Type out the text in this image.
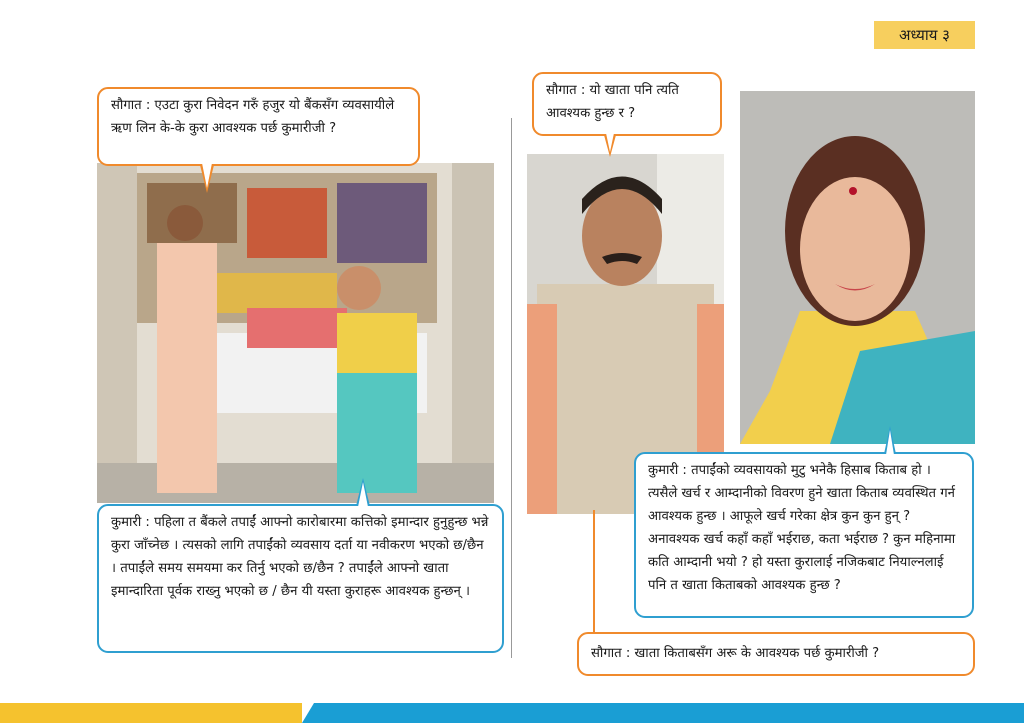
अध्याय ३
सौगात : एउटा कुरा निवेदन गरुँ हजुर यो बैंकसँग व्यवसायीले ऋण लिन के-के कुरा आवश्यक पर्छ कुमारीजी ?
कुमारी : पहिला त बैंकले तपाईं आफ्नो कारोबारमा कत्तिको इमान्दार हुनुहुन्छ भन्ने कुरा जाँच्नेछ । त्यसको लागि तपाईंको व्यवसाय दर्ता या नवीकरण भएको छ/छैन । तपाईंले समय समयमा कर तिर्नु भएको छ/छैन ? तपाईंले आफ्नो खाता इमान्दारिता पूर्वक राख्नु भएको छ / छैन यी यस्ता कुराहरू आवश्यक हुन्छन् ।
सौगात : यो खाता पनि त्यति आवश्यक हुन्छ र ?
कुमारी : तपाईंको व्यवसायको मुटु भनेकै हिसाब किताब हो । त्यसैले खर्च र आम्दानीको विवरण हुने खाता किताब व्यवस्थित गर्न आवश्यक हुन्छ । आफूले खर्च गरेका क्षेत्र कुन कुन हुन् ? अनावश्यक खर्च कहाँ कहाँ भईराछ, कता भईराछ ? कुन महिनामा कति आम्दानी भयो ? हो यस्ता कुरालाई नजिकबाट नियाल्नलाई पनि त खाता किताबको आवश्यक हुन्छ ?
सौगात : खाता किताबसँग अरू के आवश्यक पर्छ कुमारीजी ?
